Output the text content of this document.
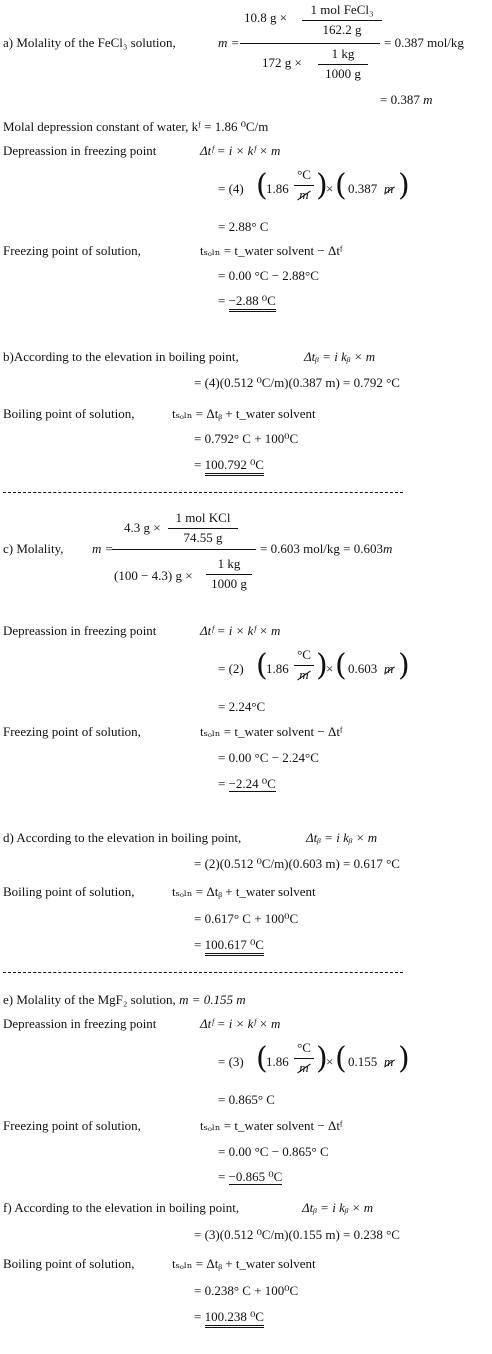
10.8 g ×
1 mol FeCl₃
162.2 g
a) Molality of the FeCl₃ solution,	m =	= 0.387 mol/kg
172 g ×
1 kg
1000 g
= 0.387 m
Molal depression constant of water, kᶠ = 1.86 ⁰C/m
Depreassion in freezing point	Δtᶠ = i × kᶠ × m
= (4) (
1.86
°C
m )
× ( 0.387 m )
= 2.88° C
Freezing point of solution,	tₛₒₗₙ = t_water solvent − Δtᶠ
= 0.00 °C − 2.88°C
= −2.88 ⁰C
b)According to the elevation in boiling point,	Δtᵦ = i kᵦ × m
= (4)(0.512 ⁰C/m)(0.387 m) = 0.792 °C
Boiling point of solution,	tₛₒₗₙ = Δtᵦ + t_water solvent
= 0.792° C + 100⁰C
= 100.792 ⁰C
4.3 g ×
1 mol KCl
74.55 g
c) Molality, m =	= 0.603 mol/kg = 0.603m
(100 − 4.3) g ×
1 kg
1000 g
Depreassion in freezing point	Δtᶠ = i × kᶠ × m
= (2) (
1.86
°C
m )
× ( 0.603 m )
= 2.24°C
Freezing point of solution,	tₛₒₗₙ = t_water solvent − Δtᶠ
= 0.00 °C − 2.24°C
= −2.24 ⁰C
d) According to the elevation in boiling point,	Δtᵦ = i kᵦ × m
= (2)(0.512 ⁰C/m)(0.603 m) = 0.617 °C
Boiling point of solution,	tₛₒₗₙ = Δtᵦ + t_water solvent
= 0.617° C + 100⁰C
= 100.617 ⁰C
e) Molality of the MgF₂ solution, m = 0.155 m
Depreassion in freezing point	Δtᶠ = i × kᶠ × m
= (3) (
1.86
°C
m )
× ( 0.155 m )
= 0.865° C
Freezing point of solution,	tₛₒₗₙ = t_water solvent − Δtᶠ
= 0.00 °C − 0.865° C
= −0.865 ⁰C
f) According to the elevation in boiling point,	Δtᵦ = i kᵦ × m
= (3)(0.512 ⁰C/m)(0.155 m) = 0.238 °C
Boiling point of solution,	tₛₒₗₙ = Δtᵦ + t_water solvent
= 0.238° C + 100⁰C
= 100.238 ⁰C
